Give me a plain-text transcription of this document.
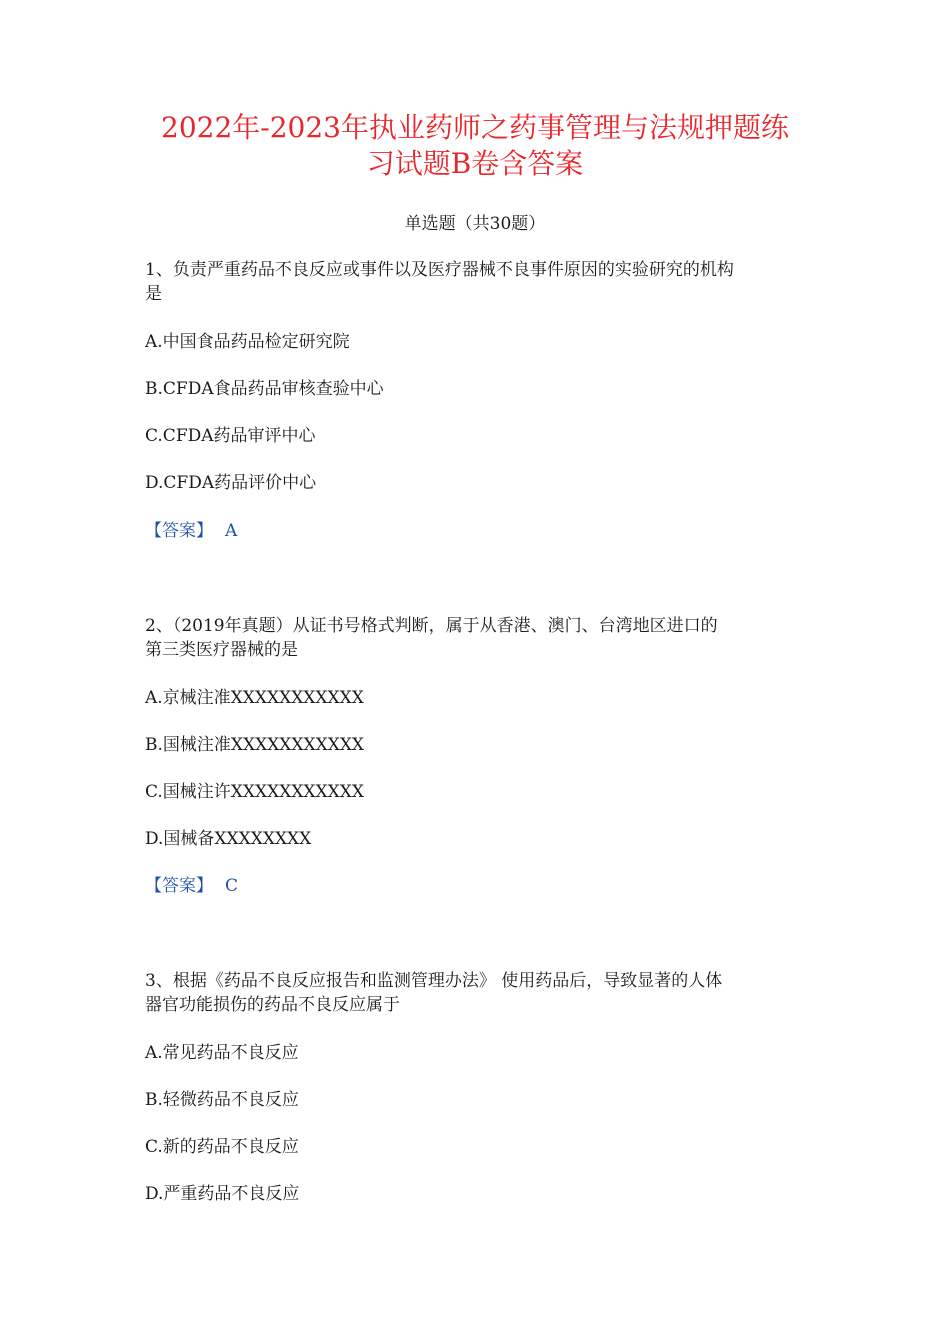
2022年-2023年执业药师之药事管理与法规押题练
习试题B卷含答案
单选题（共30题）
1、负责严重药品不良反应或事件以及医疗器械不良事件原因的实验研究的机构
是
A.中国食品药品检定研究院
B.CFDA食品药品审核查验中心
C.CFDA药品审评中心
D.CFDA药品评价中心
【答案】 A
2、（2019年真题）从证书号格式判断，属于从香港、澳门、台湾地区进口的
第三类医疗器械的是
A.京械注准XXXXXXXXXXX
B.国械注准XXXXXXXXXXX
C.国械注许XXXXXXXXXXX
D.国械备XXXXXXXX
【答案】 C
3、根据《药品不良反应报告和监测管理办法》 使用药品后，导致显著的人体
器官功能损伤的药品不良反应属于
A.常见药品不良反应
B.轻微药品不良反应
C.新的药品不良反应
D.严重药品不良反应
